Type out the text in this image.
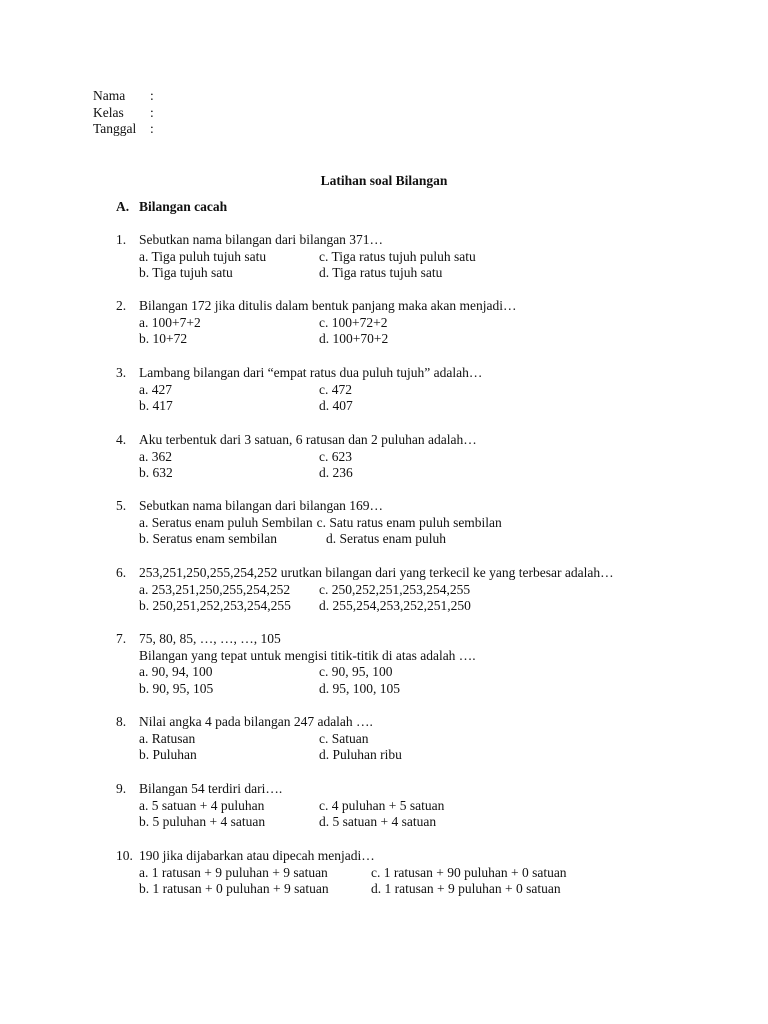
Nama	:
Kelas	:
Tanggal	:
Latihan soal Bilangan
A. Bilangan cacah
1. Sebutkan nama bilangan dari bilangan 371…
a. Tiga puluh tujuh satu	c. Tiga ratus tujuh puluh satu
b. Tiga tujuh satu	d. Tiga ratus tujuh satu
2. Bilangan 172 jika ditulis dalam bentuk panjang maka akan menjadi…
a. 100+7+2	c. 100+72+2
b. 10+72	d. 100+70+2
3. Lambang bilangan dari “empat ratus dua puluh tujuh” adalah…
a. 427	c. 472
b. 417	d. 407
4. Aku terbentuk dari 3 satuan, 6 ratusan dan 2 puluhan adalah…
a. 362	c. 623
b. 632	d. 236
5. Sebutkan nama bilangan dari bilangan 169…
a. Seratus enam puluh Sembilan c. Satu ratus enam puluh sembilan
b. Seratus enam sembilan	d. Seratus enam puluh
6. 253,251,250,255,254,252 urutkan bilangan dari yang terkecil ke yang terbesar adalah…
a. 253,251,250,255,254,252	c. 250,252,251,253,254,255
b. 250,251,252,253,254,255	d. 255,254,253,252,251,250
7. 75, 80, 85, …, …, …, 105
Bilangan yang tepat untuk mengisi titik-titik di atas adalah ….
a. 90, 94, 100	c. 90, 95, 100
b. 90, 95, 105	d. 95, 100, 105
8. Nilai angka 4 pada bilangan 247 adalah ….
a. Ratusan	c. Satuan
b. Puluhan	d. Puluhan ribu
9. Bilangan 54 terdiri dari….
a. 5 satuan + 4 puluhan	c. 4 puluhan + 5 satuan
b. 5 puluhan + 4 satuan	d. 5 satuan + 4 satuan
10. 190 jika dijabarkan atau dipecah menjadi…
a. 1 ratusan + 9 puluhan + 9 satuan	c. 1 ratusan + 90 puluhan + 0 satuan
b. 1 ratusan + 0 puluhan + 9 satuan	d. 1 ratusan + 9 puluhan + 0 satuan
